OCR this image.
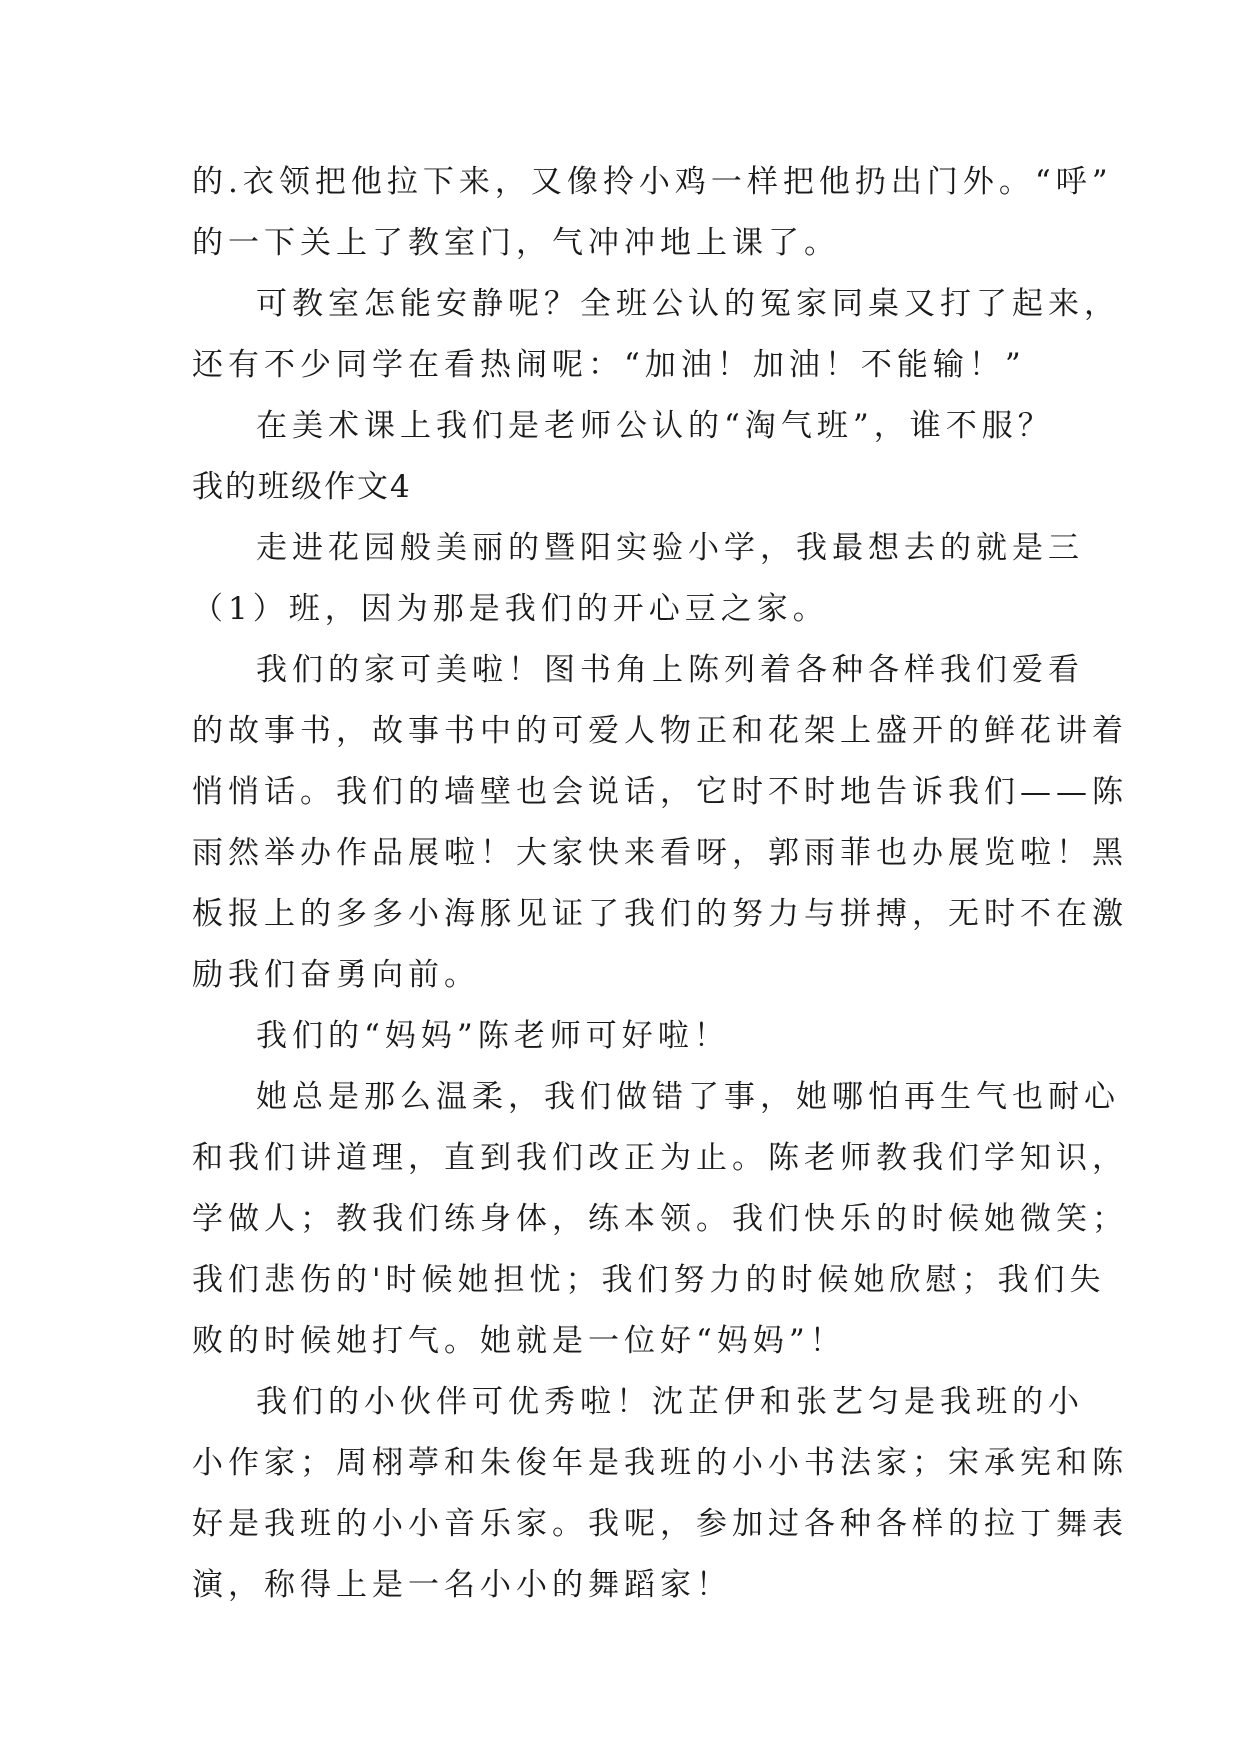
的.衣领把他拉下来，又像拎小鸡一样把他扔出门外。“呼”
的一下关上了教室门，气冲冲地上课了。
可教室怎能安静呢？全班公认的冤家同桌又打了起来，
还有不少同学在看热闹呢：“加油！加油！不能输！”
在美术课上我们是老师公认的“淘气班”，谁不服？
我的班级作文4
走进花园般美丽的暨阳实验小学，我最想去的就是三
（1）班，因为那是我们的开心豆之家。
我们的家可美啦！图书角上陈列着各种各样我们爱看
的故事书，故事书中的可爱人物正和花架上盛开的鲜花讲着
悄悄话。我们的墙壁也会说话，它时不时地告诉我们——陈
雨然举办作品展啦！大家快来看呀，郭雨菲也办展览啦！黑
板报上的多多小海豚见证了我们的努力与拼搏，无时不在激
励我们奋勇向前。
我们的“妈妈”陈老师可好啦！
她总是那么温柔，我们做错了事，她哪怕再生气也耐心
和我们讲道理，直到我们改正为止。陈老师教我们学知识，
学做人；教我们练身体，练本领。我们快乐的时候她微笑；
我们悲伤的'时候她担忧；我们努力的时候她欣慰；我们失
败的时候她打气。她就是一位好“妈妈”！
我们的小伙伴可优秀啦！沈芷伊和张艺匀是我班的小
小作家；周栩葶和朱俊年是我班的小小书法家；宋承宪和陈
好是我班的小小音乐家。我呢，参加过各种各样的拉丁舞表
演，称得上是一名小小的舞蹈家！
